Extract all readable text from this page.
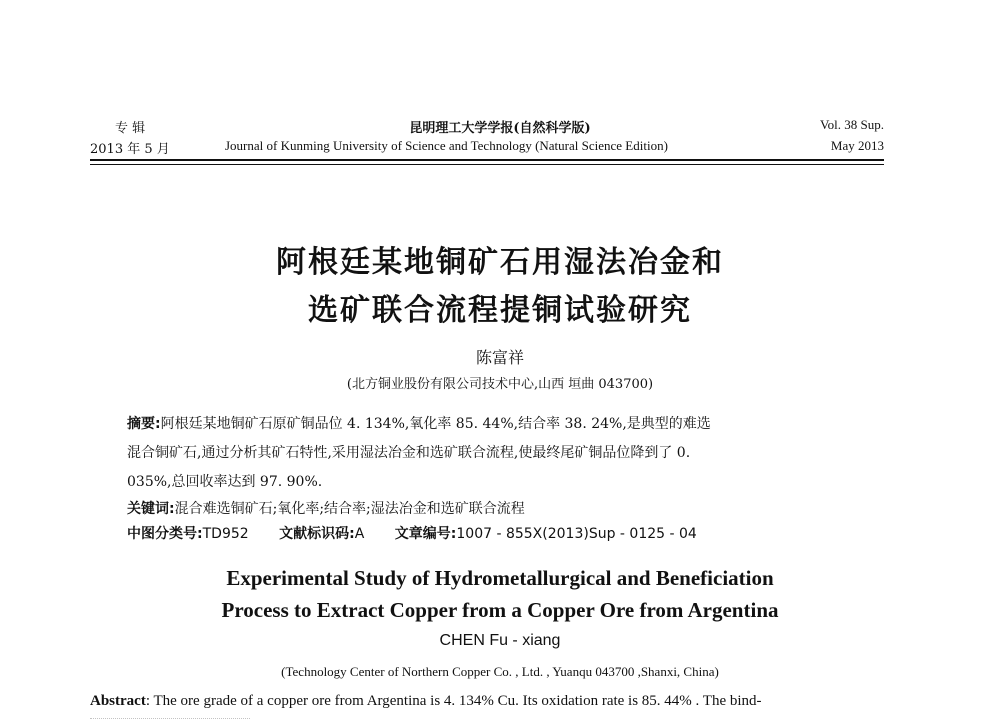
专 辑
2013 年 5 月
昆明理工大学学报(自然科学版)
Journal of Kunming University of Science and Technology (Natural Science Edition)
Vol. 38 Sup.
May 2013
阿根廷某地铜矿石用湿法冶金和
选矿联合流程提铜试验研究
陈富祥
(北方铜业股份有限公司技术中心,山西 垣曲 043700)
摘要:阿根廷某地铜矿石原矿铜品位 4. 134%,氧化率 85. 44%,结合率 38. 24%,是典型的难选
混合铜矿石,通过分析其矿石特性,采用湿法冶金和选矿联合流程,使最终尾矿铜品位降到了 0.
035%,总回收率达到 97. 90%.
关键词:混合难选铜矿石;氧化率;结合率;湿法冶金和选矿联合流程
中图分类号:TD952 文献标识码:A 文章编号:1007 - 855X(2013)Sup - 0125 - 04
Experimental Study of Hydrometallurgical and Beneficiation
Process to Extract Copper from a Copper Ore from Argentina
CHEN Fu - xiang
(Technology Center of Northern Copper Co. , Ltd. , Yuanqu 043700 ,Shanxi, China)
Abstract: The ore grade of a copper ore from Argentina is 4. 134% Cu. Its oxidation rate is 85. 44% . The bind-
